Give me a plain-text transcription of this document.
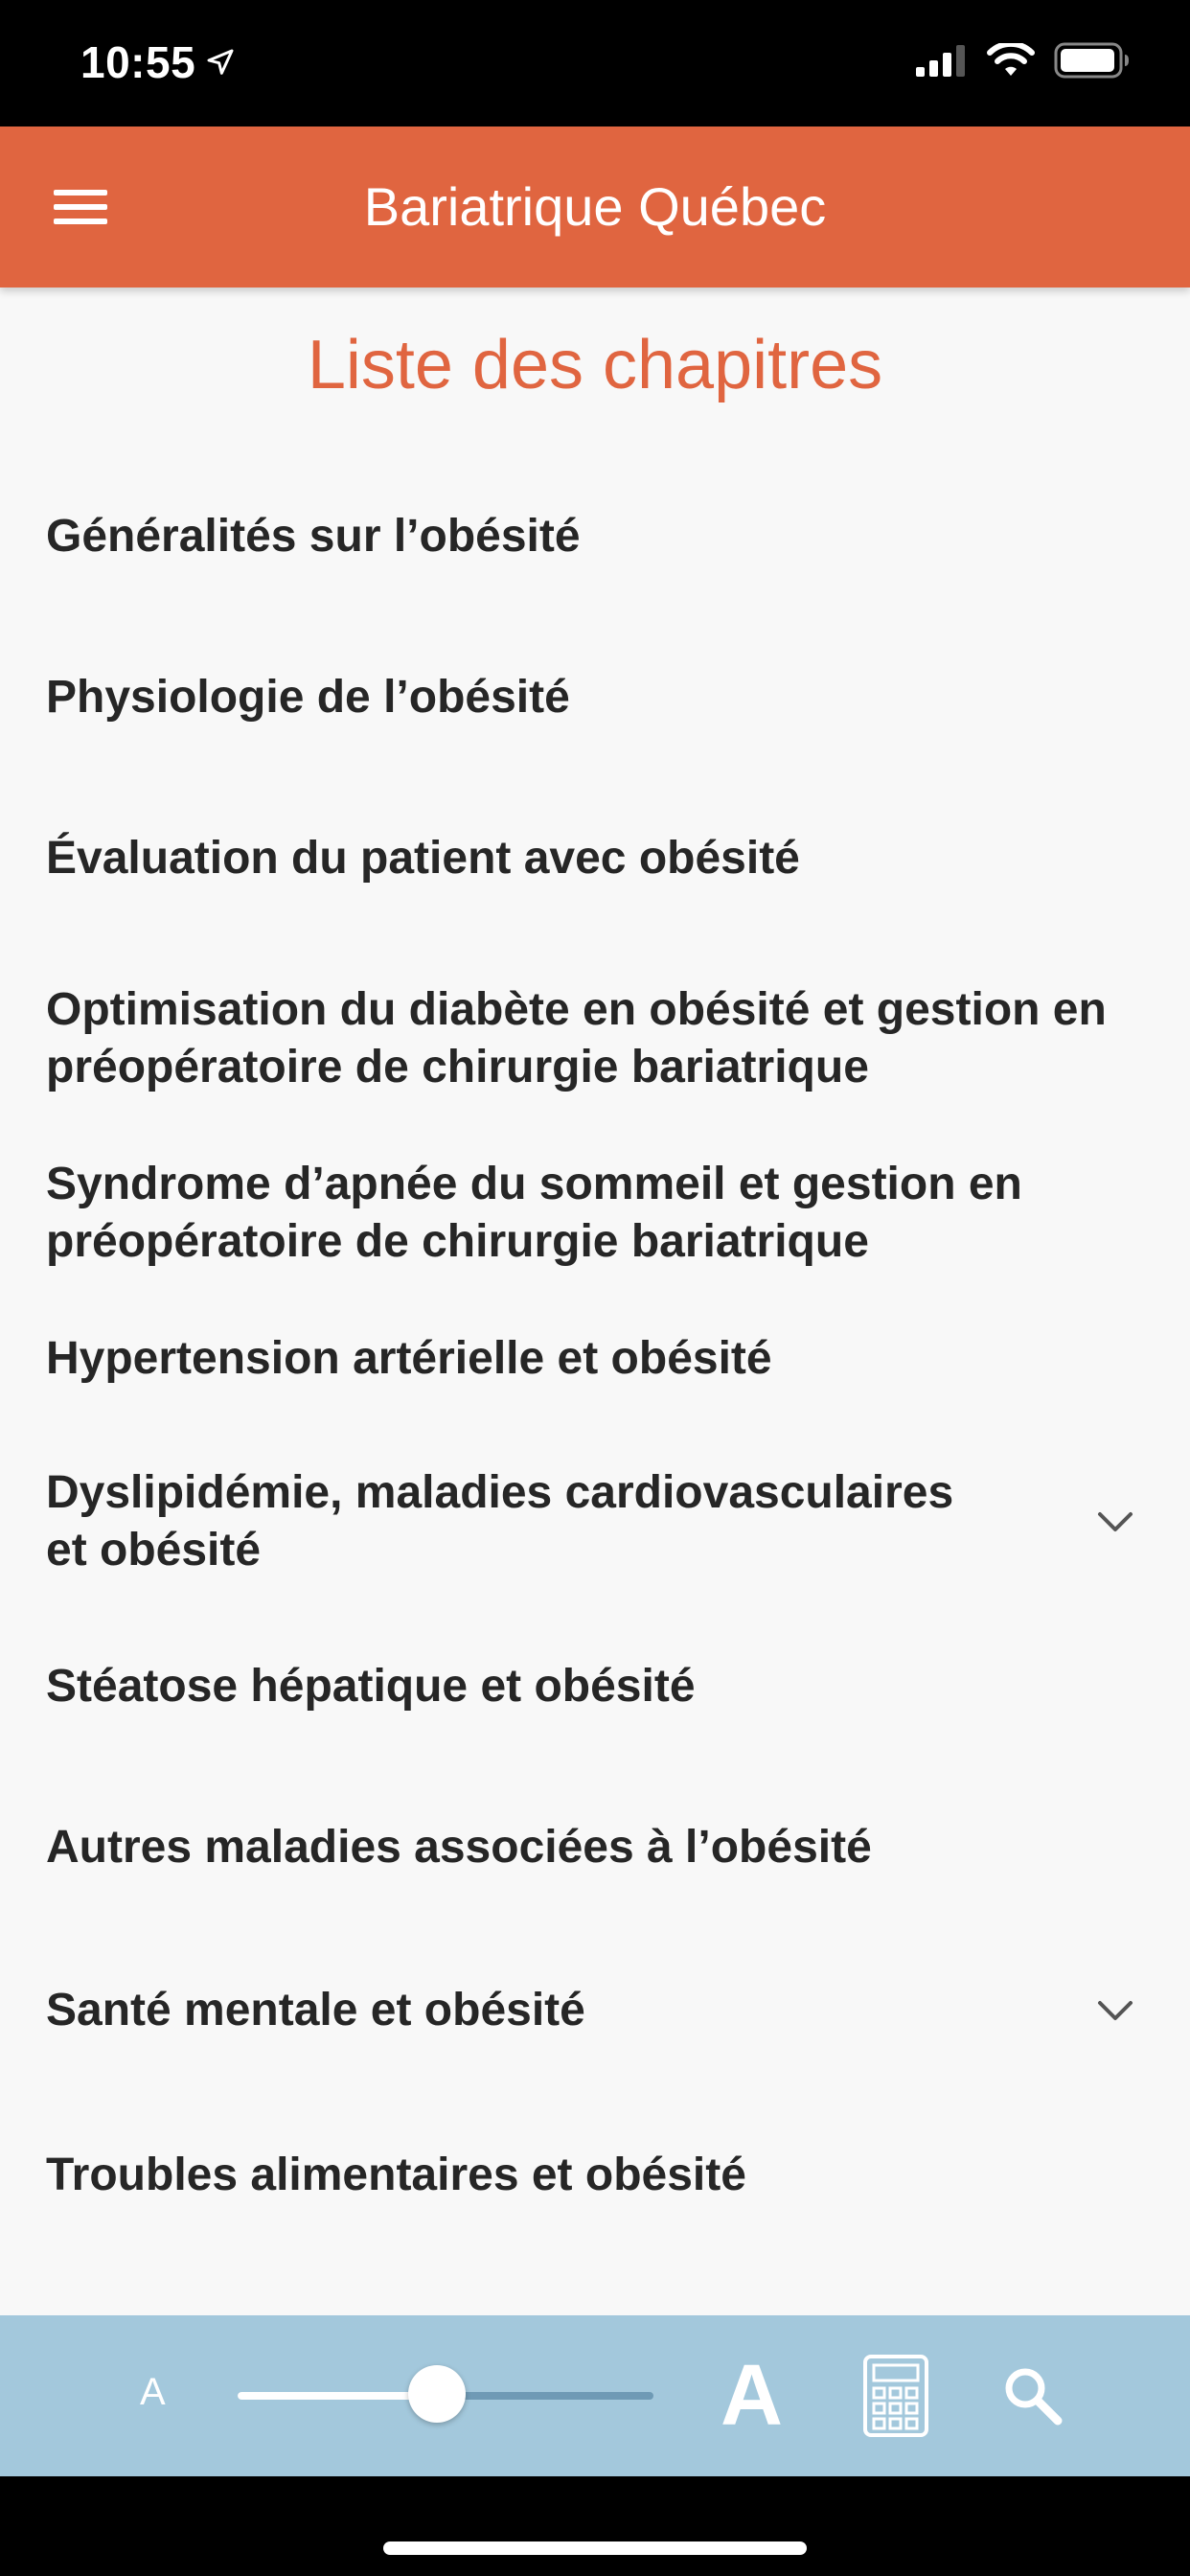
10:55
Bariatrique Québec
Liste des chapitres
Généralités sur l’obésité
Physiologie de l’obésité
Évaluation du patient avec obésité
Optimisation du diabète en obésité et gestion en préopératoire de chirurgie bariatrique
Syndrome d’apnée du sommeil et gestion en préopératoire de chirurgie bariatrique
Hypertension artérielle et obésité
Dyslipidémie, maladies cardiovasculaires et obésité
Stéatose hépatique et obésité
Autres maladies associées à l’obésité
Santé mentale et obésité
Troubles alimentaires et obésité
A	A
